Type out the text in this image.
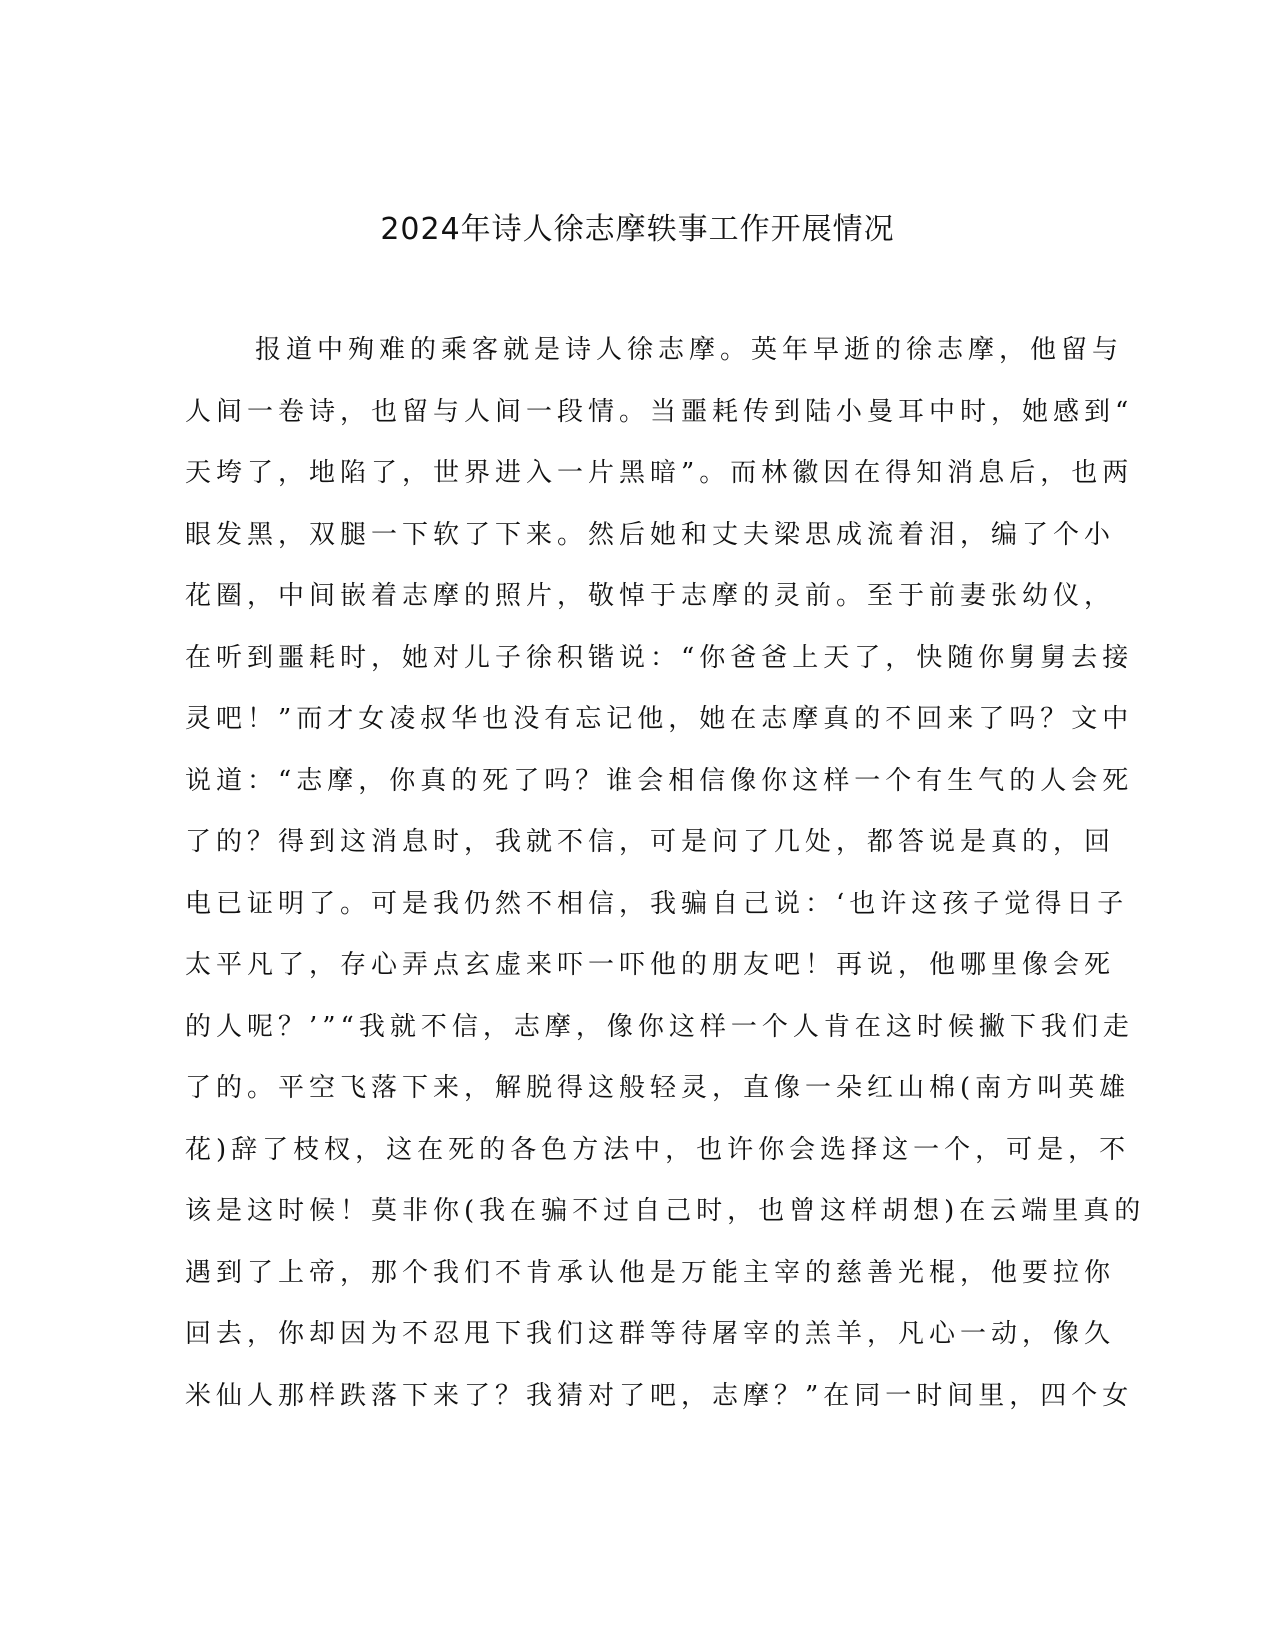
2024年诗人徐志摩轶事工作开展情况
报道中殉难的乘客就是诗人徐志摩。英年早逝的徐志摩，他留与
人间一卷诗，也留与人间一段情。当噩耗传到陆小曼耳中时，她感到“
天垮了，地陷了，世界进入一片黑暗”。而林徽因在得知消息后，也两
眼发黑，双腿一下软了下来。然后她和丈夫梁思成流着泪，编了个小
花圈，中间嵌着志摩的照片，敬悼于志摩的灵前。至于前妻张幼仪，
在听到噩耗时，她对儿子徐积锴说：“你爸爸上天了，快随你舅舅去接
灵吧！”而才女凌叔华也没有忘记他，她在志摩真的不回来了吗？文中
说道：“志摩，你真的死了吗？谁会相信像你这样一个有生气的人会死
了的？得到这消息时，我就不信，可是问了几处，都答说是真的，回
电已证明了。可是我仍然不相信，我骗自己说：‘也许这孩子觉得日子
太平凡了，存心弄点玄虚来吓一吓他的朋友吧！再说，他哪里像会死
的人呢？’”“我就不信，志摩，像你这样一个人肯在这时候撇下我们走
了的。平空飞落下来，解脱得这般轻灵，直像一朵红山棉(南方叫英雄
花)辞了枝杈，这在死的各色方法中，也许你会选择这一个，可是，不
该是这时候！莫非你(我在骗不过自己时，也曾这样胡想)在云端里真的
遇到了上帝，那个我们不肯承认他是万能主宰的慈善光棍，他要拉你
回去，你却因为不忍甩下我们这群等待屠宰的羔羊，凡心一动，像久
米仙人那样跌落下来了？我猜对了吧，志摩？”在同一时间里，四个女
